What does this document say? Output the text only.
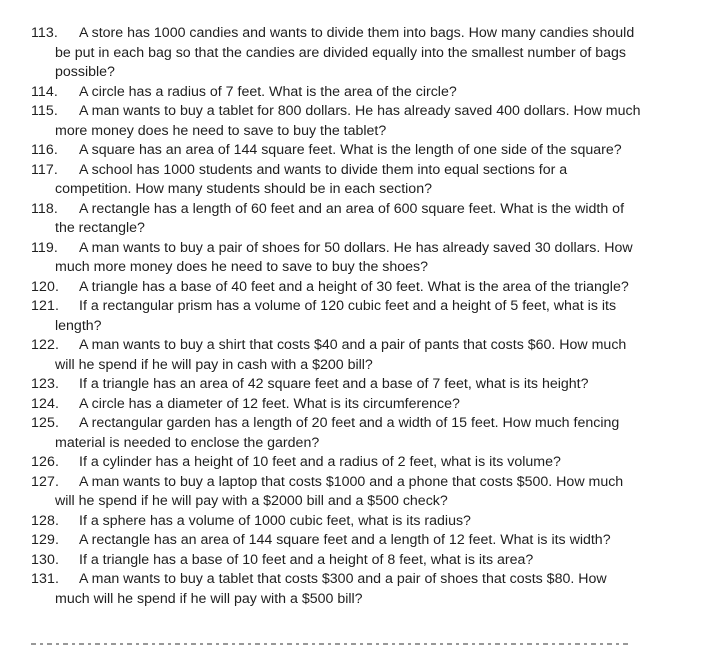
113.	A store has 1000 candies and wants to divide them into bags. How many candies should be put in each bag so that the candies are divided equally into the smallest number of bags possible?
114.	A circle has a radius of 7 feet. What is the area of the circle?
115.	A man wants to buy a tablet for 800 dollars. He has already saved 400 dollars. How much more money does he need to save to buy the tablet?
116.	A square has an area of 144 square feet. What is the length of one side of the square?
117.	A school has 1000 students and wants to divide them into equal sections for a competition. How many students should be in each section?
118.	A rectangle has a length of 60 feet and an area of 600 square feet. What is the width of the rectangle?
119.	A man wants to buy a pair of shoes for 50 dollars. He has already saved 30 dollars. How much more money does he need to save to buy the shoes?
120.	A triangle has a base of 40 feet and a height of 30 feet. What is the area of the triangle?
121.	If a rectangular prism has a volume of 120 cubic feet and a height of 5 feet, what is its length?
122.	A man wants to buy a shirt that costs $40 and a pair of pants that costs $60. How much will he spend if he will pay in cash with a $200 bill?
123.	If a triangle has an area of 42 square feet and a base of 7 feet, what is its height?
124.	A circle has a diameter of 12 feet. What is its circumference?
125.	A rectangular garden has a length of 20 feet and a width of 15 feet. How much fencing material is needed to enclose the garden?
126.	If a cylinder has a height of 10 feet and a radius of 2 feet, what is its volume?
127.	A man wants to buy a laptop that costs $1000 and a phone that costs $500. How much will he spend if he will pay with a $2000 bill and a $500 check?
128.	If a sphere has a volume of 1000 cubic feet, what is its radius?
129.	A rectangle has an area of 144 square feet and a length of 12 feet. What is its width?
130.	If a triangle has a base of 10 feet and a height of 8 feet, what is its area?
131.	A man wants to buy a tablet that costs $300 and a pair of shoes that costs $80. How much will he spend if he will pay with a $500 bill?
